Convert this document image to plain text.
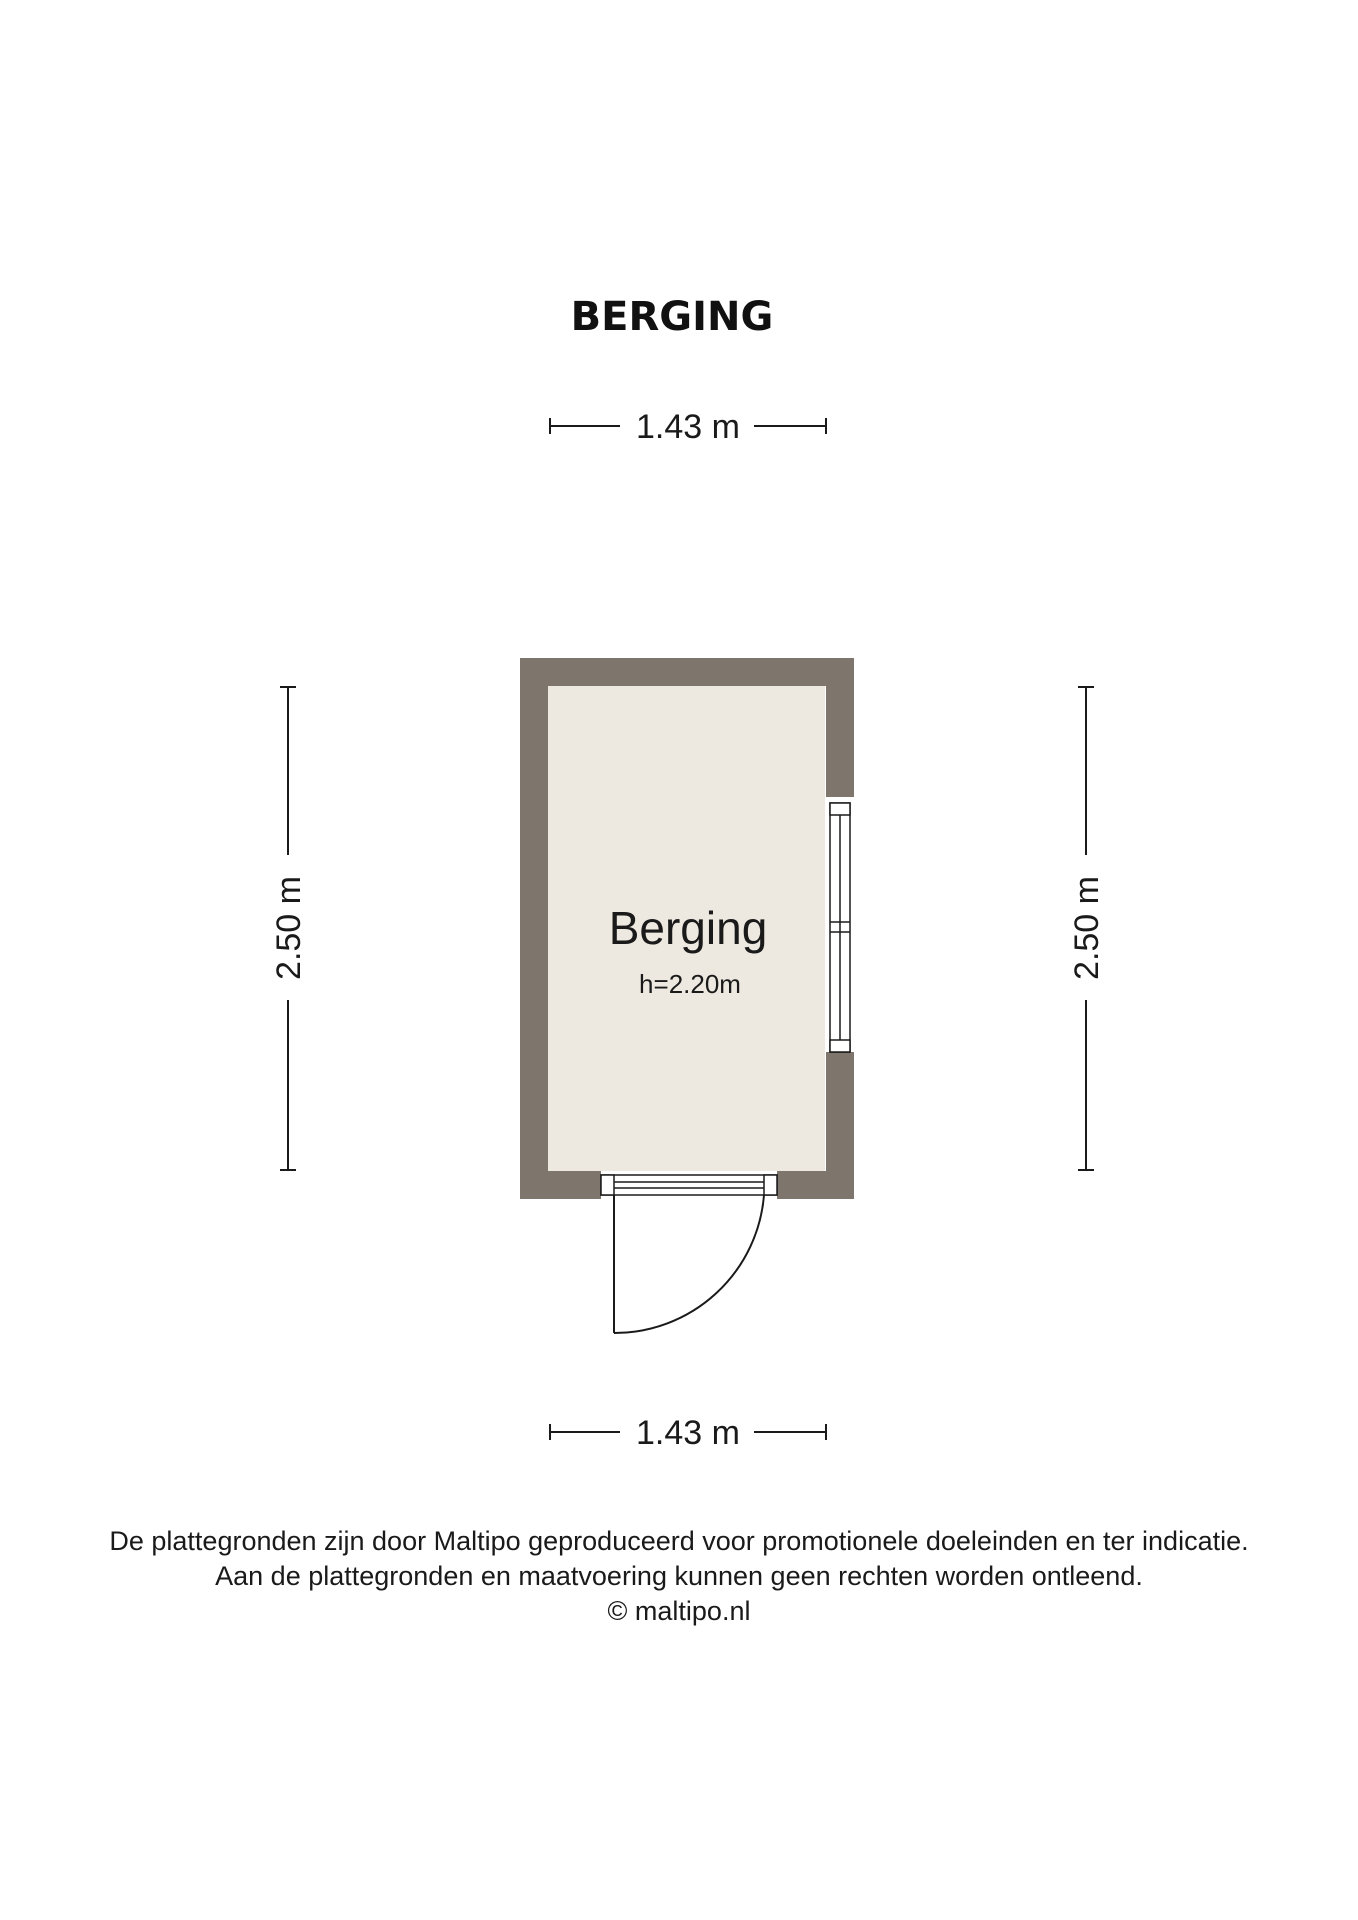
BERGING
1.43 m
2.50 m	2.50 m
Berging
h=2.20m
1.43 m
De plattegronden zijn door Maltipo geproduceerd voor promotionele doeleinden en ter indicatie.
Aan de plattegronden en maatvoering kunnen geen rechten worden ontleend.
© maltipo.nl
